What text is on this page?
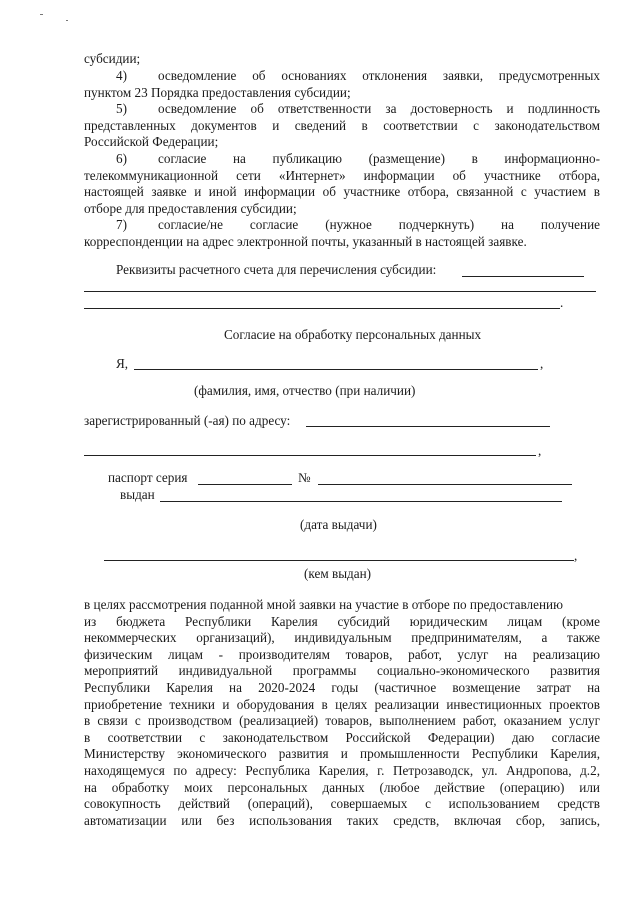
субсидии;
4)	осведомление об основаниях отклонения заявки, предусмотренных
пунктом 23 Порядка предоставления субсидии;
5)	осведомление об ответственности за достоверность и подлинность
представленных документов и сведений в соответствии с законодательством
Российской Федерации;
6)	согласие на публикацию (размещение) в информационно-
телекоммуникационной сети «Интернет» информации об участнике отбора,
настоящей заявке и иной информации об участнике отбора, связанной с участием в
отборе для предоставления субсидии;
7)	согласие/не согласие (нужное подчеркнуть) на получение
корреспонденции на адрес электронной почты, указанный в настоящей заявке.
Реквизиты расчетного счета для перечисления субсидии:
.
Согласие на обработку персональных данных
Я,	,
(фамилия, имя, отчество (при наличии)
зарегистрированный (-ая) по адресу:
,
паспорт серия	№
выдан
(дата выдачи)
,
(кем выдан)
в целях рассмотрения поданной мной заявки на участие в отборе по предоставлению
из бюджета Республики Карелия субсидий юридическим лицам (кроме
некоммерческих организаций), индивидуальным предпринимателям, а также
физическим лицам - производителям товаров, работ, услуг на реализацию
мероприятий индивидуальной программы социально-экономического развития
Республики Карелия на 2020-2024 годы (частичное возмещение затрат на
приобретение техники и оборудования в целях реализации инвестиционных проектов
в связи с производством (реализацией) товаров, выполнением работ, оказанием услуг
в соответствии с законодательством Российской Федерации) даю согласие
Министерству экономического развития и промышленности Республики Карелия,
находящемуся по адресу: Республика Карелия, г. Петрозаводск, ул. Андропова, д.2,
на обработку моих персональных данных (любое действие (операцию) или
совокупность действий (операций), совершаемых с использованием средств
автоматизации или без использования таких средств, включая сбор, запись,
